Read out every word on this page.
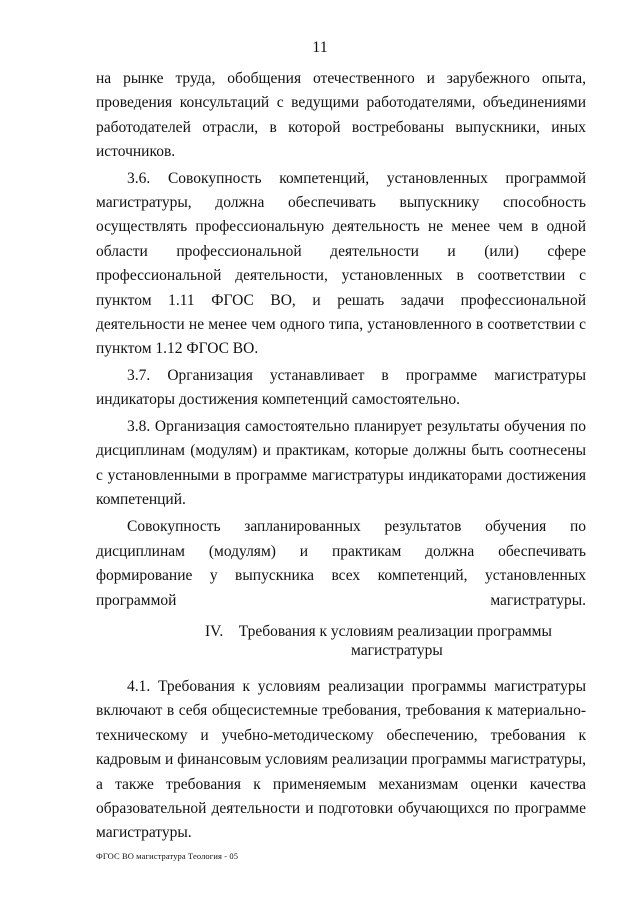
11

на рынке труда, обобщения отечественного и зарубежного опыта, проведения консультаций с ведущими работодателями, объединениями работодателей отрасли, в которой востребованы выпускники, иных источников.

3.6. Совокупность компетенций, установленных программой магистратуры, должна обеспечивать выпускнику способность осуществлять профессиональную деятельность не менее чем в одной области профессиональной деятельности и (или) сфере профессиональной деятельности, установленных в соответствии с пунктом 1.11 ФГОС ВО, и решать задачи профессиональной деятельности не менее чем одного типа, установленного в соответствии с пунктом 1.12 ФГОС ВО.

3.7. Организация устанавливает в программе магистратуры индикаторы достижения компетенций самостоятельно.

3.8. Организация самостоятельно планирует результаты обучения по дисциплинам (модулям) и практикам, которые должны быть соотнесены с установленными в программе магистратуры индикаторами достижения компетенций.

Совокупность запланированных результатов обучения по дисциплинам (модулям) и практикам должна обеспечивать формирование у выпускника всех компетенций, установленных программой магистратуры.

IV. Требования к условиям реализации программы
магистратуры

4.1. Требования к условиям реализации программы магистратуры включают в себя общесистемные требования, требования к материально-техническому и учебно-методическому обеспечению, требования к кадровым и финансовым условиям реализации программы магистратуры, а также требования к применяемым механизмам оценки качества образовательной деятельности и подготовки обучающихся по программе магистратуры.

ФГОС ВО магистратура Теология - 05
